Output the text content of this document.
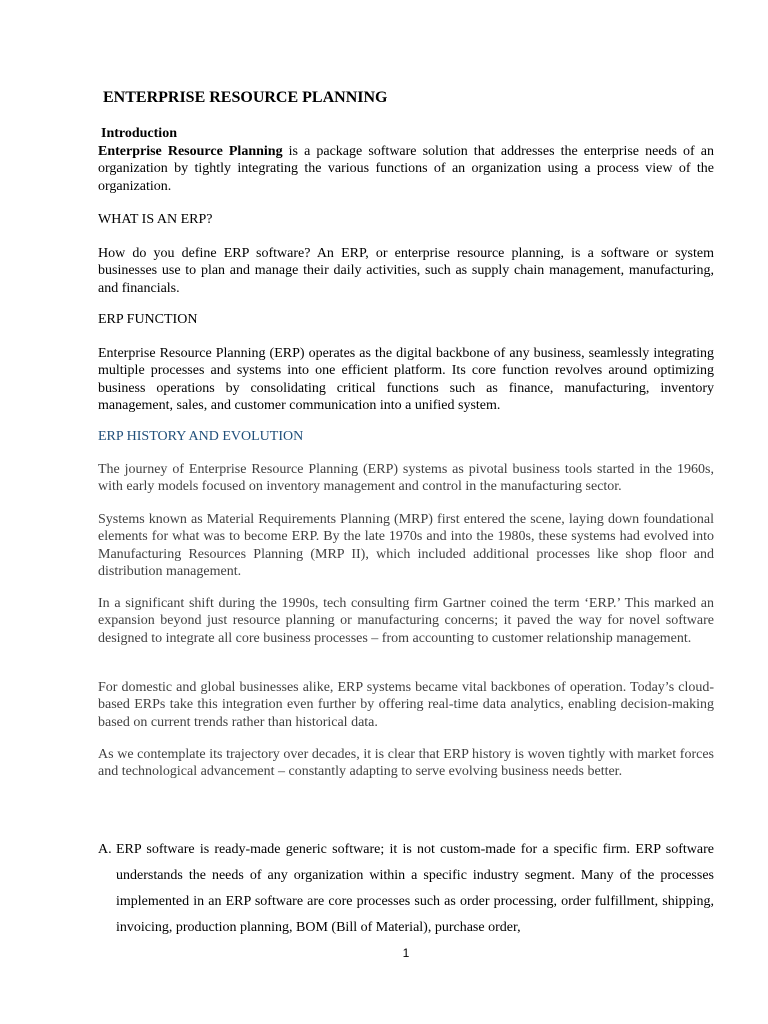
ENTERPRISE RESOURCE PLANNING
Introduction
Enterprise Resource Planning is a package software solution that addresses the enterprise needs of an organization by tightly integrating the various functions of an organization using a process view of the organization.
WHAT IS AN ERP?
How do you define ERP software? An ERP, or enterprise resource planning, is a software or system businesses use to plan and manage their daily activities, such as supply chain management, manufacturing, and financials.
ERP FUNCTION
Enterprise Resource Planning (ERP) operates as the digital backbone of any business, seamlessly integrating multiple processes and systems into one efficient platform. Its core function revolves around optimizing business operations by consolidating critical functions such as finance, manufacturing, inventory management, sales, and customer communication into a unified system.
ERP HISTORY AND EVOLUTION
The journey of Enterprise Resource Planning (ERP) systems as pivotal business tools started in the 1960s, with early models focused on inventory management and control in the manufacturing sector.
Systems known as Material Requirements Planning (MRP) first entered the scene, laying down foundational elements for what was to become ERP. By the late 1970s and into the 1980s, these systems had evolved into Manufacturing Resources Planning (MRP II), which included additional processes like shop floor and distribution management.
In a significant shift during the 1990s, tech consulting firm Gartner coined the term ‘ERP.’ This marked an expansion beyond just resource planning or manufacturing concerns; it paved the way for novel software designed to integrate all core business processes – from accounting to customer relationship management.
For domestic and global businesses alike, ERP systems became vital backbones of operation. Today’s cloud-based ERPs take this integration even further by offering real-time data analytics, enabling decision-making based on current trends rather than historical data.
As we contemplate its trajectory over decades, it is clear that ERP history is woven tightly with market forces and technological advancement – constantly adapting to serve evolving business needs better.
A. ERP software is ready-made generic software; it is not custom-made for a specific firm. ERP software understands the needs of any organization within a specific industry segment. Many of the processes implemented in an ERP software are core processes such as order processing, order fulfillment, shipping, invoicing, production planning, BOM (Bill of Material), purchase order,
1
